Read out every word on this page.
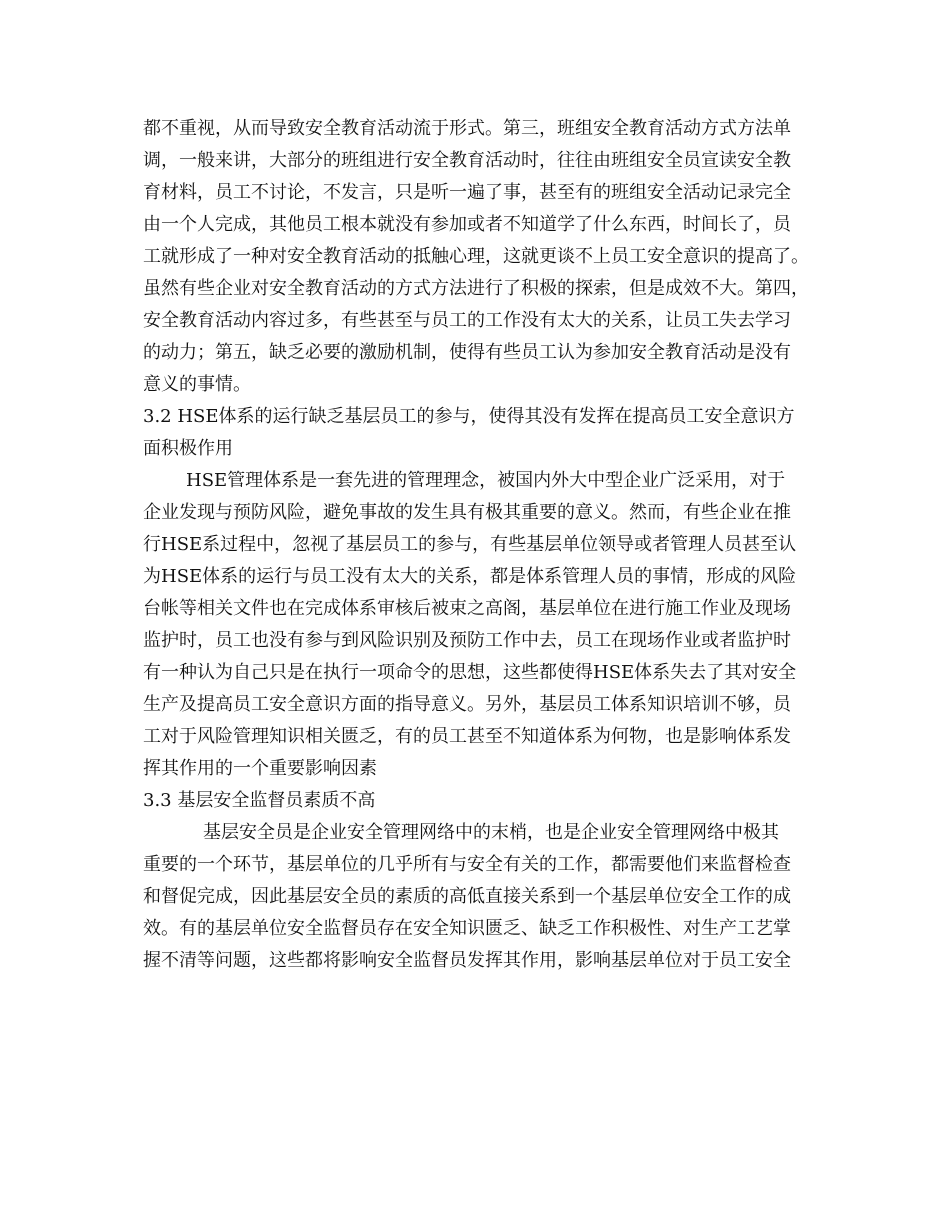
都不重视，从而导致安全教育活动流于形式。第三，班组安全教育活动方式方法单
调，一般来讲，大部分的班组进行安全教育活动时，往往由班组安全员宣读安全教
育材料，员工不讨论，不发言，只是听一遍了事，甚至有的班组安全活动记录完全
由一个人完成，其他员工根本就没有参加或者不知道学了什么东西，时间长了，员
工就形成了一种对安全教育活动的抵触心理，这就更谈不上员工安全意识的提高了。
虽然有些企业对安全教育活动的方式方法进行了积极的探索，但是成效不大。第四，
安全教育活动内容过多，有些甚至与员工的工作没有太大的关系，让员工失去学习
的动力；第五，缺乏必要的激励机制，使得有些员工认为参加安全教育活动是没有
意义的事情。
3.2 HSE体系的运行缺乏基层员工的参与，使得其没有发挥在提高员工安全意识方
面积极作用
HSE管理体系是一套先进的管理理念，被国内外大中型企业广泛采用，对于
企业发现与预防风险，避免事故的发生具有极其重要的意义。然而，有些企业在推
行HSE系过程中，忽视了基层员工的参与，有些基层单位领导或者管理人员甚至认
为HSE体系的运行与员工没有太大的关系，都是体系管理人员的事情，形成的风险
台帐等相关文件也在完成体系审核后被束之高阁，基层单位在进行施工作业及现场
监护时，员工也没有参与到风险识别及预防工作中去，员工在现场作业或者监护时
有一种认为自己只是在执行一项命令的思想，这些都使得HSE体系失去了其对安全
生产及提高员工安全意识方面的指导意义。另外，基层员工体系知识培训不够，员
工对于风险管理知识相关匮乏，有的员工甚至不知道体系为何物，也是影响体系发
挥其作用的一个重要影响因素
3.3 基层安全监督员素质不高
基层安全员是企业安全管理网络中的末梢，也是企业安全管理网络中极其
重要的一个环节，基层单位的几乎所有与安全有关的工作，都需要他们来监督检查
和督促完成，因此基层安全员的素质的高低直接关系到一个基层单位安全工作的成
效。有的基层单位安全监督员存在安全知识匮乏、缺乏工作积极性、对生产工艺掌
握不清等问题，这些都将影响安全监督员发挥其作用，影响基层单位对于员工安全
